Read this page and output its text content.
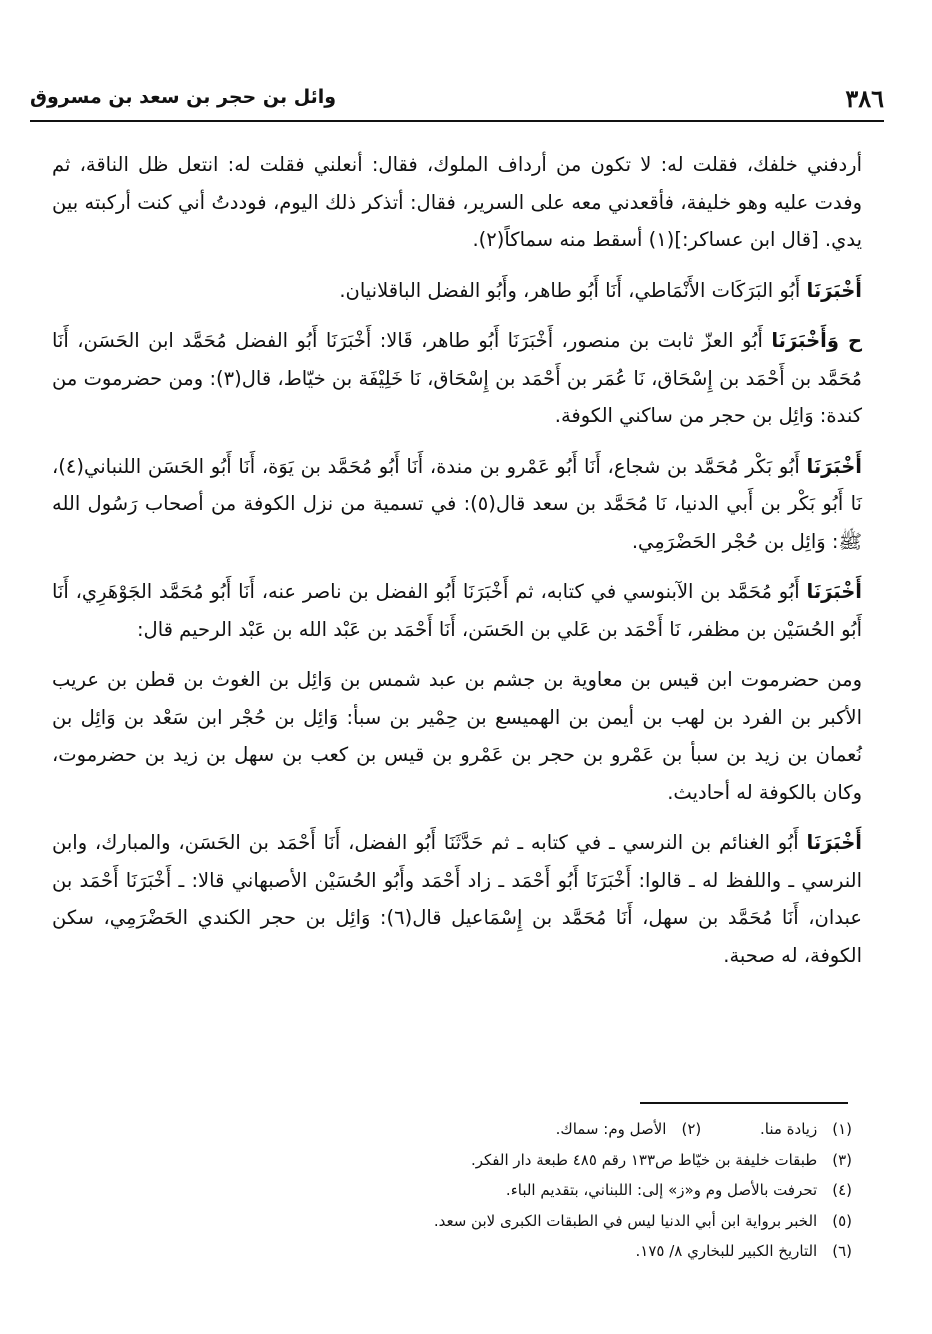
٣٨٦
وائل بن حجر بن سعد بن مسروق

أردفني خلفك، فقلت له: لا تكون من أرداف الملوك، فقال: أنعلني فقلت له: انتعل ظل الناقة، ثم وفدت عليه وهو خليفة، فأقعدني معه على السرير، فقال: أتذكر ذلك اليوم، فوددتُ أني كنت أركبته بين يدي. [قال ابن عساكر:](١) أسقط منه سماكاً(٢).

أَخْبَرَنَا أَبُو البَرَكَات الأَنْمَاطي، أَنَا أَبُو طاهر، وأَبُو الفضل الباقلانيان.

ح وَأَخْبَرَنَا أَبُو العزّ ثابت بن منصور، أَخْبَرَنَا أَبُو طاهر، قَالا: أَخْبَرَنَا أَبُو الفضل مُحَمَّد ابن الحَسَن، أَنَا مُحَمَّد بن أَحْمَد بن إِسْحَاق، نَا عُمَر بن أَحْمَد بن إِسْحَاق، نَا خَلِيْفَة بن خيّاط، قال(٣): ومن حضرموت من كندة: وَائِل بن حجر من ساكني الكوفة.

أَخْبَرَنَا أَبُو بَكْر مُحَمَّد بن شجاع، أَنَا أَبُو عَمْرو بن مندة، أَنَا أَبُو مُحَمَّد بن يَوَة، أَنَا أَبُو الحَسَن اللنباني(٤)، نَا أَبُو بَكْر بن أَبي الدنيا، نَا مُحَمَّد بن سعد قال(٥): في تسمية من نزل الكوفة من أصحاب رَسُول الله ﷺ: وَائِل بن حُجْر الحَضْرَمِي.

أَخْبَرَنَا أَبُو مُحَمَّد بن الآبنوسي في كتابه، ثم أَخْبَرَنَا أَبُو الفضل بن ناصر عنه، أَنَا أَبُو مُحَمَّد الجَوْهَرِي، أَنَا أَبُو الحُسَيْن بن مظفر، نَا أَحْمَد بن عَلي بن الحَسَن، أَنَا أَحْمَد بن عَبْد الله بن عَبْد الرحيم قال:

ومن حضرموت ابن قيس بن معاوية بن جشم بن عبد شمس بن وَائِل بن الغوث بن قطن بن عريب الأكبر بن الفرد بن لهب بن أيمن بن الهميسع بن حِمْير بن سبأ: وَائِل بن حُجْر ابن سَعْد بن وَائِل بن نُعمان بن زيد بن سبأ بن عَمْرو بن حجر بن عَمْرو بن قيس بن كعب بن سهل بن زيد بن حضرموت، وكان بالكوفة له أحاديث.

أَخْبَرَنَا أَبُو الغنائم بن النرسي ـ في كتابه ـ ثم حَدَّثَنَا أَبُو الفضل، أَنَا أَحْمَد بن الحَسَن، والمبارك، وابن النرسي ـ واللفظ له ـ قالوا: أَخْبَرَنَا أَبُو أَحْمَد ـ زاد أَحْمَد وأَبُو الحُسَيْن الأصبهاني قالا: ـ أَخْبَرَنَا أَحْمَد بن عبدان، أَنَا مُحَمَّد بن سهل، أَنَا مُحَمَّد بن إِسْمَاعيل قال(٦): وَائِل بن حجر الكندي الحَضْرَمِي، سكن الكوفة، له صحبة.

(١) زيادة منا. (٢) الأصل وم: سماك.
(٣) طبقات خليفة بن خيّاط ص١٣٣ رقم ٤٨٥ طبعة دار الفكر.
(٤) تحرفت بالأصل وم و«ز» إلى: اللبناني، بتقديم الباء.
(٥) الخبر برواية ابن أبي الدنيا ليس في الطبقات الكبرى لابن سعد.
(٦) التاريخ الكبير للبخاري ٨/ ١٧٥.
